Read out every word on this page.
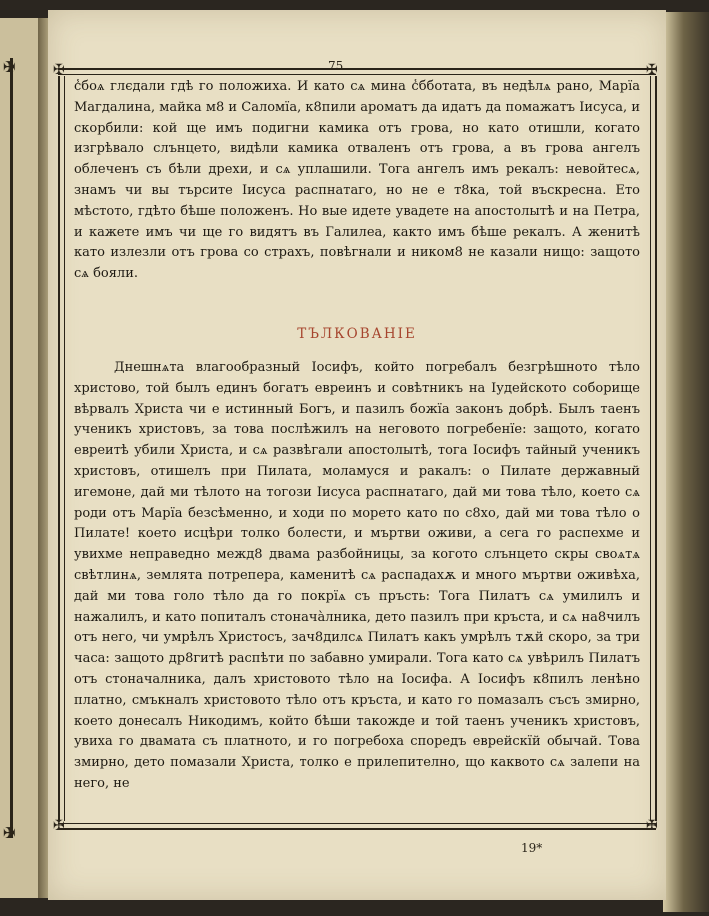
✠
✠
75
✠	✠
✠	✠

с̾боѧ глєдали гдѣ го положиха. И като сѧ мина с̾бботата, въ недѣлѧ рано, Марїа Магдалина, майка м8 и Саломїа, к8пили ароматъ да идатъ да помажатъ Iисуса, и скорбили: кой ще имъ подигни камика отъ грова, но като отишли, когато изгрѣвало слънцето, видѣли камика отваленъ отъ грова, а въ грова ангелъ облеченъ съ бѣли дрехи, и сѧ уплашили. Тога ангелъ имъ рекалъ: невойтесѧ, знамъ чи вы търсите Iисуса распнатаго, но не е т8ка, той въскресна. Ето мѣстото, гдѣто бѣше положенъ. Но вые идете увадете на апостолытѣ и на Петра, и кажете имъ чи ще го видятъ въ Галилеа, както имъ бѣше рекалъ. А женитѣ като излезли отъ грова со страхъ, повѣгнали и ником8 не казали нищо: защото сѧ бояли.

ТЪЛКОВАНIЕ

Днешнѧта влагообразный Iосифъ, който погребалъ безгрѣшното тѣло христово, той былъ единъ богатъ евреинъ и совѣтникъ на Iудейското соборище вѣрвалъ Христа чи е истинный Богъ, и пазилъ божїа законъ добрѣ. Былъ таенъ ученикъ христовъ, за това послѣжилъ на неговото погребенїе: защото, когато евреитѣ убили Христа, и сѧ развѣгали апостолытѣ, тога Iосифъ тайный ученикъ христовъ, отишелъ при Пилата, моламуся и ракалъ: о Пилате державный игемоне, дай ми тѣлото на тогози Iисуса распнатаго, дай ми това тѣло, което сѧ роди отъ Марїа безсѣменно, и ходи по морето като по с8хо, дай ми това тѣло о Пилате! което исцѣри толко болести, и мъртви оживи, а сега го распехме и увихме неправедно межд8 двама разбойницы, за когото слънцето скры своѧтѧ свѣтлинѧ, землята потрепера, каменитѣ сѧ распадахѫ и много мъртви оживѣха, дай ми това голо тѣло да го покрїѧ съ пръсть: Тога Пилатъ сѧ умилилъ и нажалилъ, и като попиталъ стонача̀лника, дето пазилъ при кръста, и сѧ на8чилъ отъ него, чи умрѣлъ Христосъ, зач8дилсѧ Пилатъ какъ умрѣлъ тѫй скоро, за три часа: защото др8гитѣ распѣти по забавно умирали. Тога като сѧ увѣрилъ Пилатъ отъ стоначалника, далъ христовото тѣло на Iосифа. А Iосифъ к8пилъ ленѣно платно, смъкналъ христовото тѣло отъ кръста, и като го помазалъ съсъ змирно, което донесалъ Никодимъ, който бѣши такожде и той таенъ ученикъ христовъ, увиха го двамата съ платното, и го погребоха споредъ еврейскїй обычай. Това змирно, дето помазали Христа, толко е прилепително, що каквото сѧ залепи на него, не

19*
